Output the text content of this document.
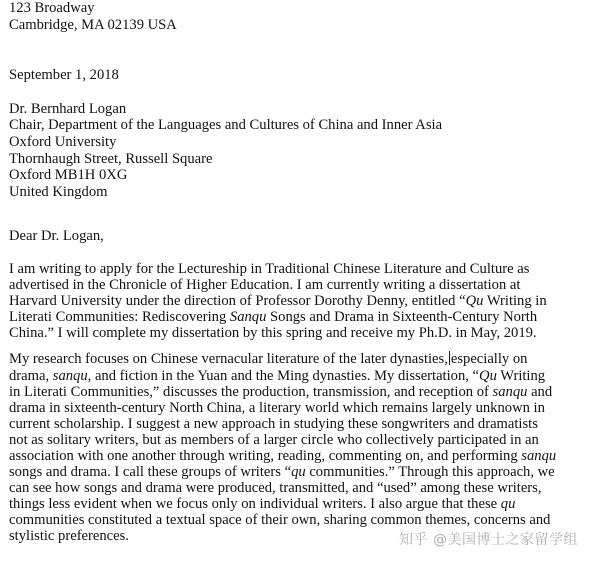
123 Broadway
Cambridge, MA 02139 USA
September 1, 2018
Dr. Bernhard Logan
Chair, Department of the Languages and Cultures of China and Inner Asia
Oxford University
Thornhaugh Street, Russell Square
Oxford MB1H 0XG
United Kingdom
Dear Dr. Logan,
I am writing to apply for the Lectureship in Traditional Chinese Literature and Culture as
advertised in the Chronicle of Higher Education. I am currently writing a dissertation at
Harvard University under the direction of Professor Dorothy Denny, entitled “Qu Writing in
Literati Communities: Rediscovering Sanqu Songs and Drama in Sixteenth-Century North
China.” I will complete my dissertation by this spring and receive my Ph.D. in May, 2019.
My research focuses on Chinese vernacular literature of the later dynasties, especially on
drama, sanqu, and fiction in the Yuan and the Ming dynasties. My dissertation, “Qu Writing
in Literati Communities,” discusses the production, transmission, and reception of sanqu and
drama in sixteenth-century North China, a literary world which remains largely unknown in
current scholarship. I suggest a new approach in studying these songwriters and dramatists
not as solitary writers, but as members of a larger circle who collectively participated in an
association with one another through writing, reading, commenting on, and performing sanqu
songs and drama. I call these groups of writers “qu communities.” Through this approach, we
can see how songs and drama were produced, transmitted, and “used” among these writers,
things less evident when we focus only on individual writers. I also argue that these qu
communities constituted a textual space of their own, sharing common themes, concerns and
stylistic preferences.	知乎 @美国博士之家留学组
